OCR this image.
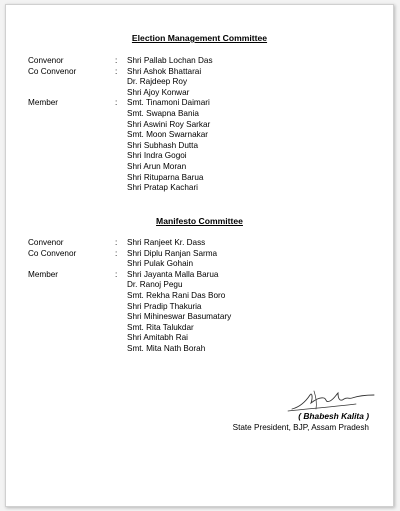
Election Management Committee
Convenor	: Shri Pallab Lochan Das
Co Convenor	: Shri Ashok Bhattarai
Dr. Rajdeep Roy
Shri Ajoy Konwar
Member	: Smt. Tinamoni Daimari
Smt. Swapna Bania
Shri Aswini Roy Sarkar
Smt. Moon Swarnakar
Shri Subhash Dutta
Shri Indra Gogoi
Shri Arun Moran
Shri Rituparna Barua
Shri Pratap Kachari
Manifesto Committee
Convenor	: Shri Ranjeet Kr. Dass
Co Convenor	: Shri Diplu Ranjan Sarma
Shri Pulak Gohain
Member	: Shri Jayanta Malla Barua
Dr. Ranoj Pegu
Smt. Rekha Rani Das Boro
Shri Pradip Thakuria
Shri Mihineswar Basumatary
Smt. Rita Talukdar
Shri Amitabh Rai
Smt. Mita Nath Borah
( Bhabesh Kalita )
State President, BJP, Assam Pradesh
